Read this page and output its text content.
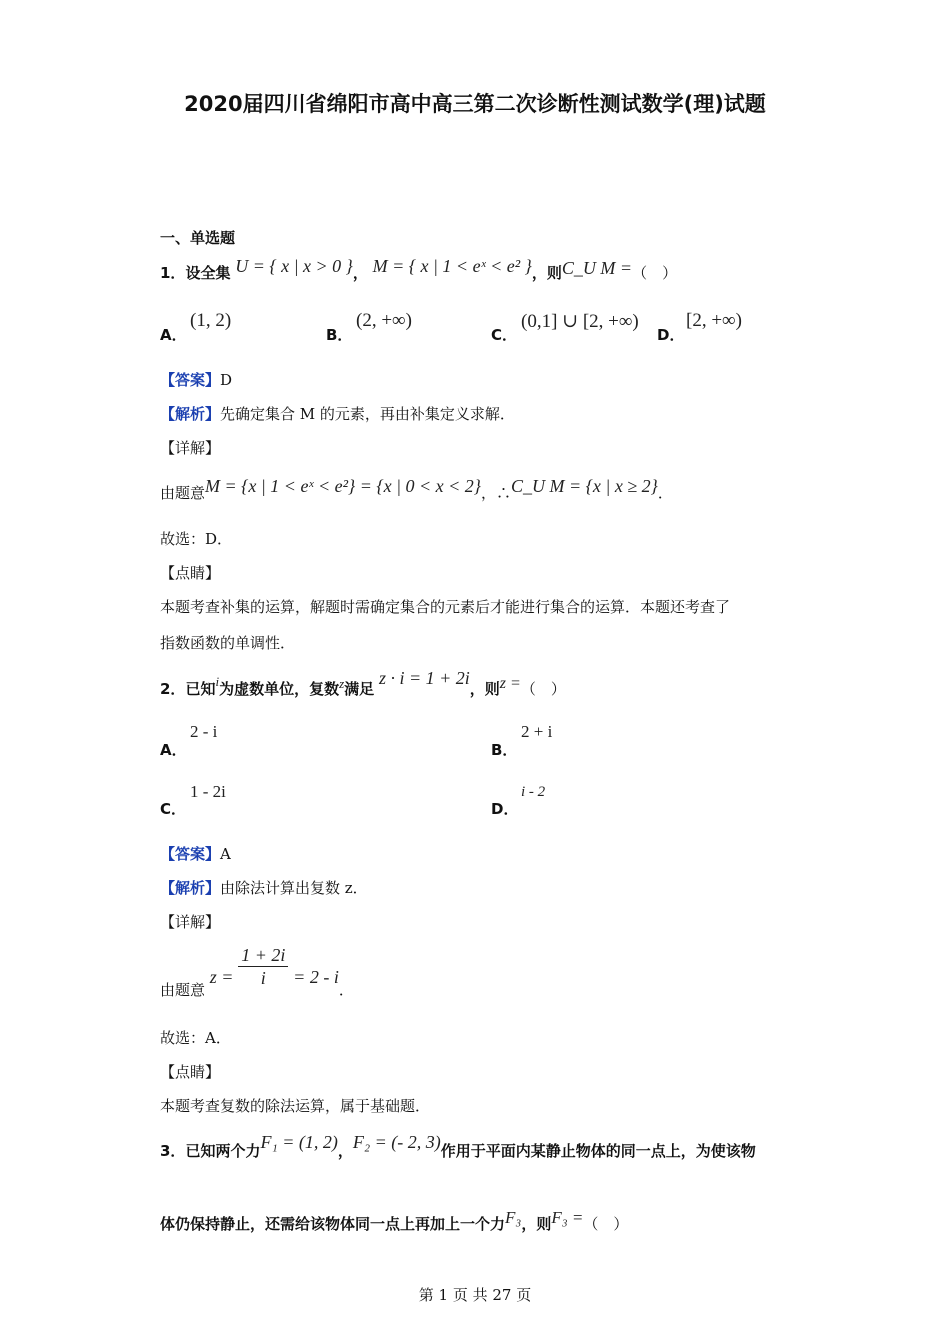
2020届四川省绵阳市高中高三第二次诊断性测试数学(理)试题
一、单选题
1．设全集 U = { x | x > 0 }， M = { x | 1 < eˣ < e² }，则C_U M =（　）
A．
(1, 2)
B．
(2, +∞)
C．
(0,1] ∪ [2, +∞)
D．
[2, +∞)
【答案】D
【解析】先确定集合 M 的元素，再由补集定义求解．
【详解】
由题意M = {x | 1 < eˣ < e²} = {x | 0 < x < 2}，∴C_U M = {x | x ≥ 2}．
故选：D．
【点睛】
本题考查补集的运算，解题时需确定集合的元素后才能进行集合的运算．本题还考查了
指数函数的单调性．
2．已知i为虚数单位，复数z满足 z · i = 1 + 2i，则z =（　）
A．
2 - i
B．
2 + i
C．
1 - 2i
D．
i - 2
【答案】A
【解析】由除法计算出复数 z．
【详解】
由题意 $z = \frac{1 + 2i}{i} = 2 - i$．
故选：A．
【点睛】
本题考查复数的除法运算，属于基础题．
3．已知两个力F₁ = (1, 2)，F₂ = (- 2, 3)作用于平面内某静止物体的同一点上，为使该物
体仍保持静止，还需给该物体同一点上再加上一个力F₃，则F₃ =（　）
第 1 页 共 27 页
